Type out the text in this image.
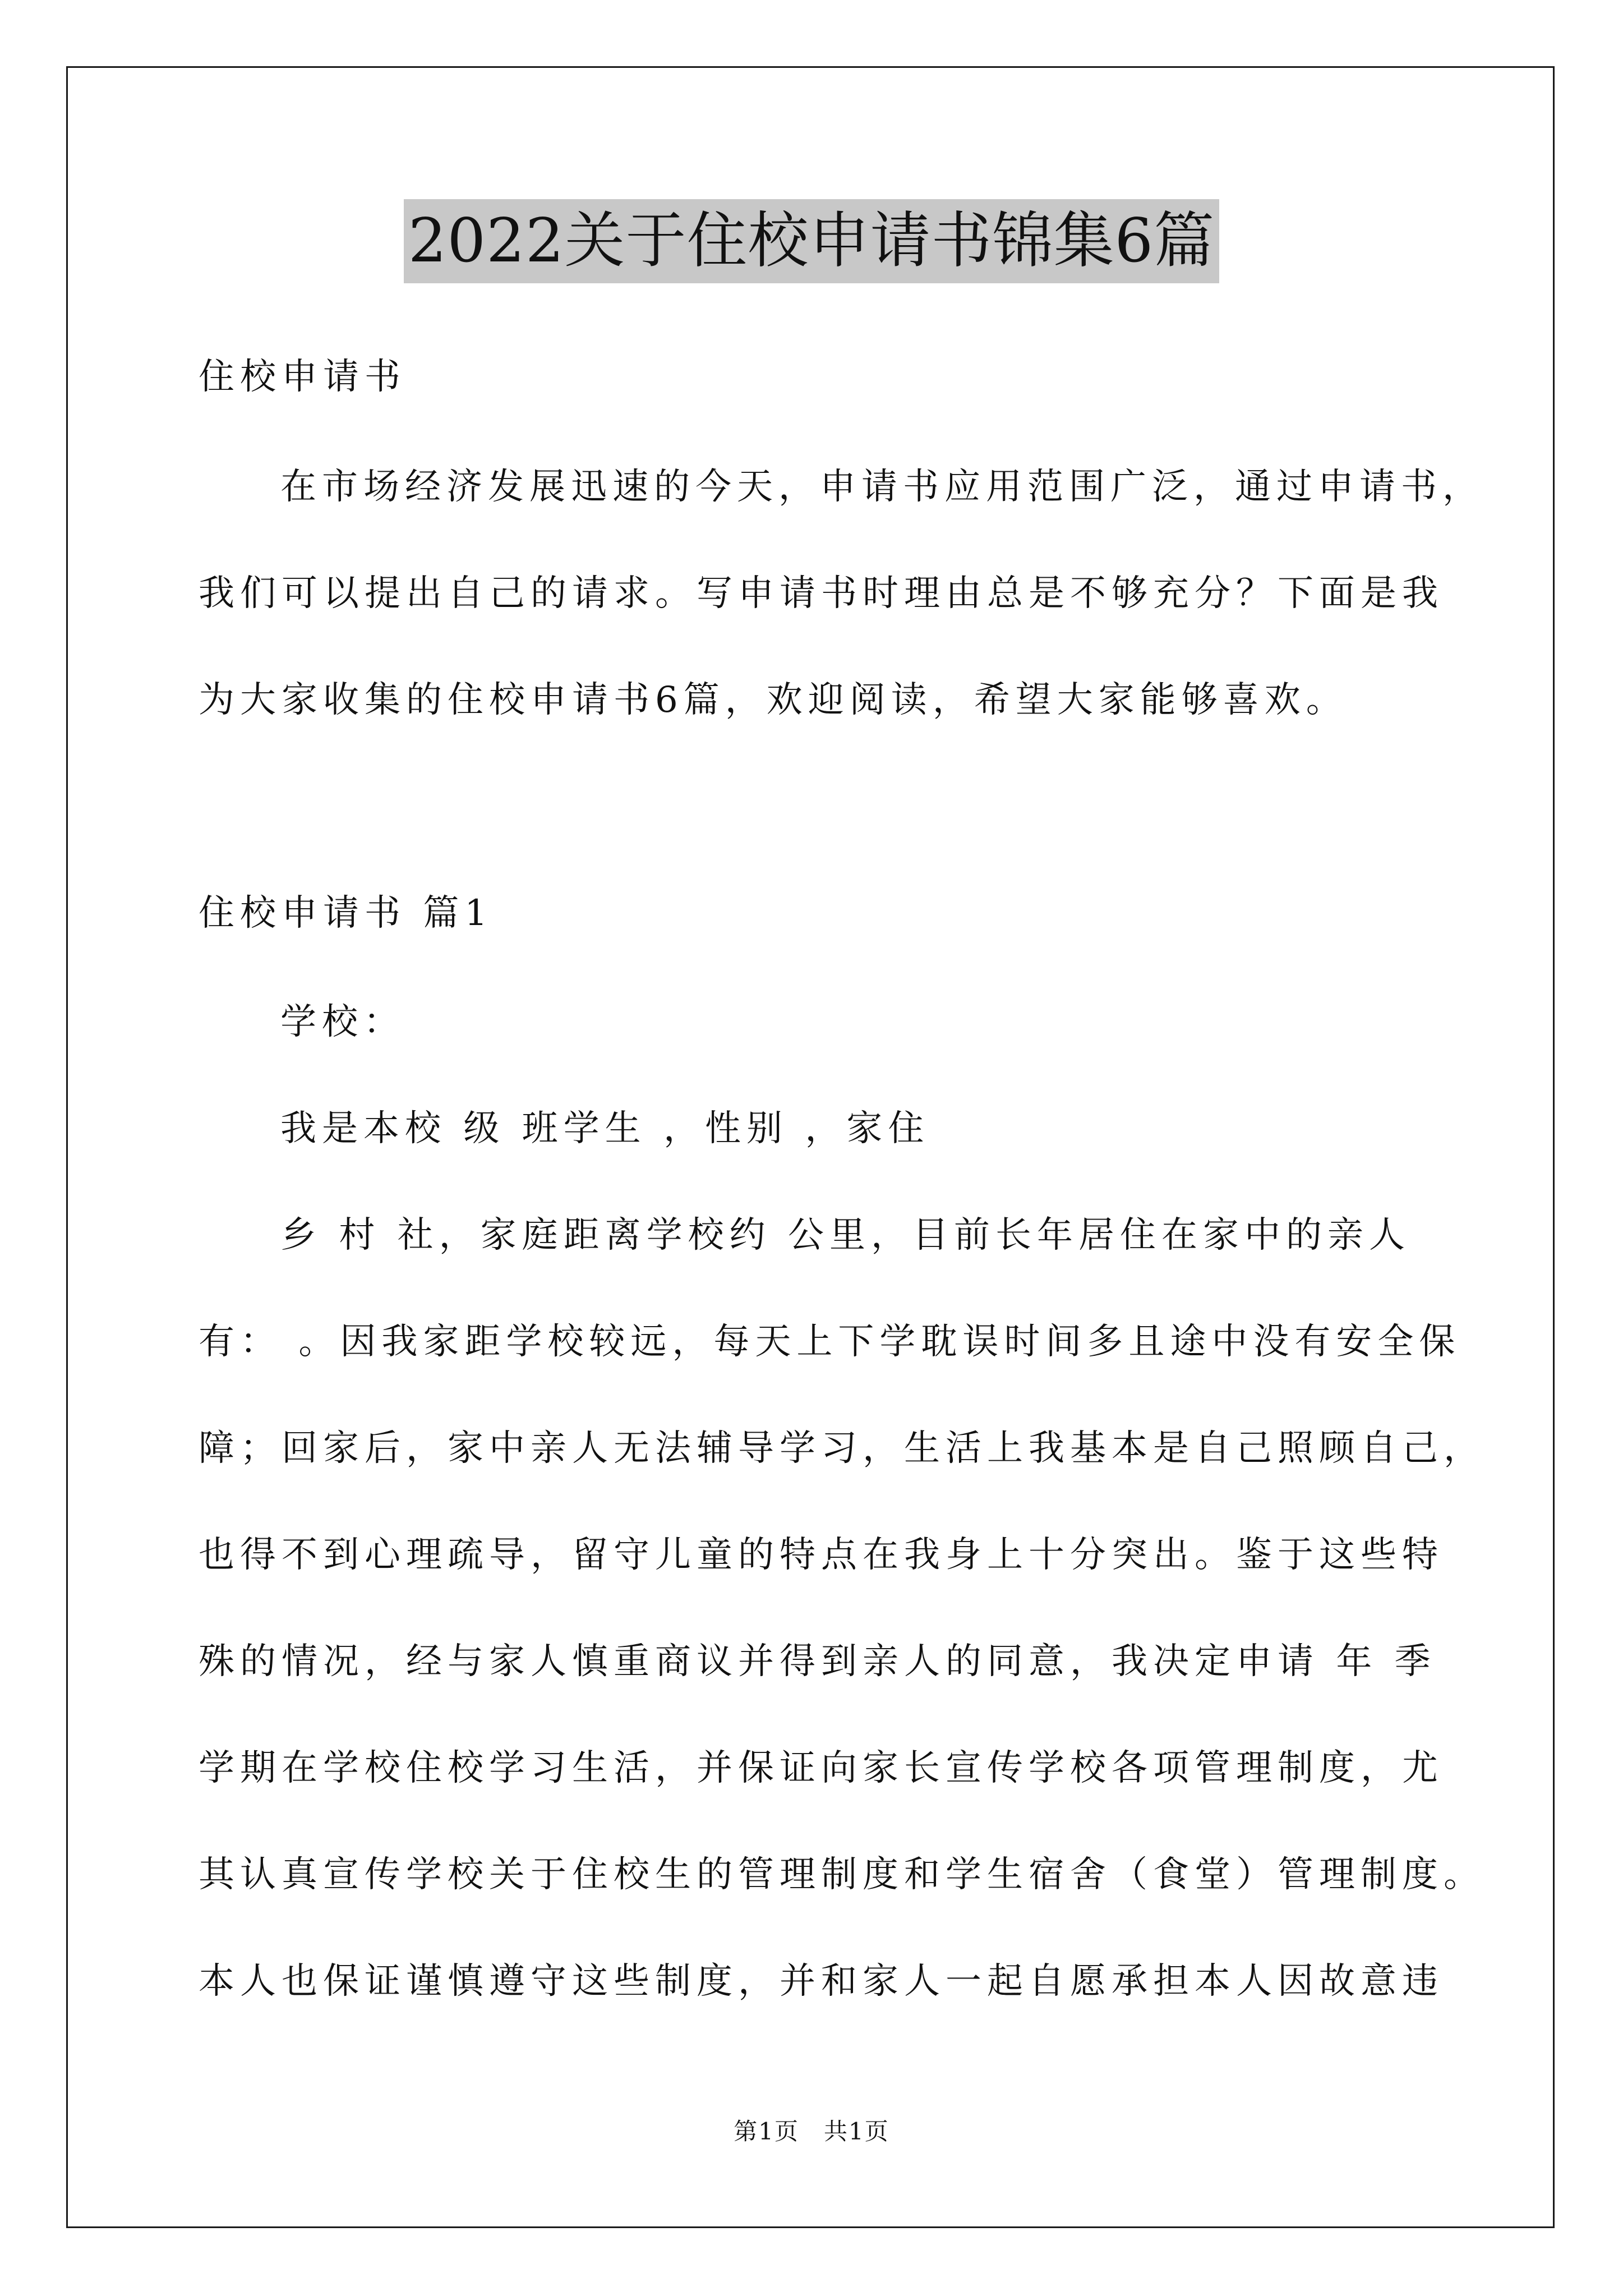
2022关于住校申请书锦集6篇
住校申请书
在市场经济发展迅速的今天，申请书应用范围广泛，通过申请书，
我们可以提出自己的请求。写申请书时理由总是不够充分？下面是我
为大家收集的住校申请书6篇，欢迎阅读，希望大家能够喜欢。
住校申请书 篇1
学校：
我是本校 级 班学生 ，性别 ，家住
乡 村 社，家庭距离学校约 公里，目前长年居住在家中的亲人
有： 。因我家距学校较远，每天上下学耽误时间多且途中没有安全保
障；回家后，家中亲人无法辅导学习，生活上我基本是自己照顾自己，
也得不到心理疏导，留守儿童的特点在我身上十分突出。鉴于这些特
殊的情况，经与家人慎重商议并得到亲人的同意，我决定申请 年 季
学期在学校住校学习生活，并保证向家长宣传学校各项管理制度，尤
其认真宣传学校关于住校生的管理制度和学生宿舍（食堂）管理制度。
本人也保证谨慎遵守这些制度，并和家人一起自愿承担本人因故意违
第1页　共1页
